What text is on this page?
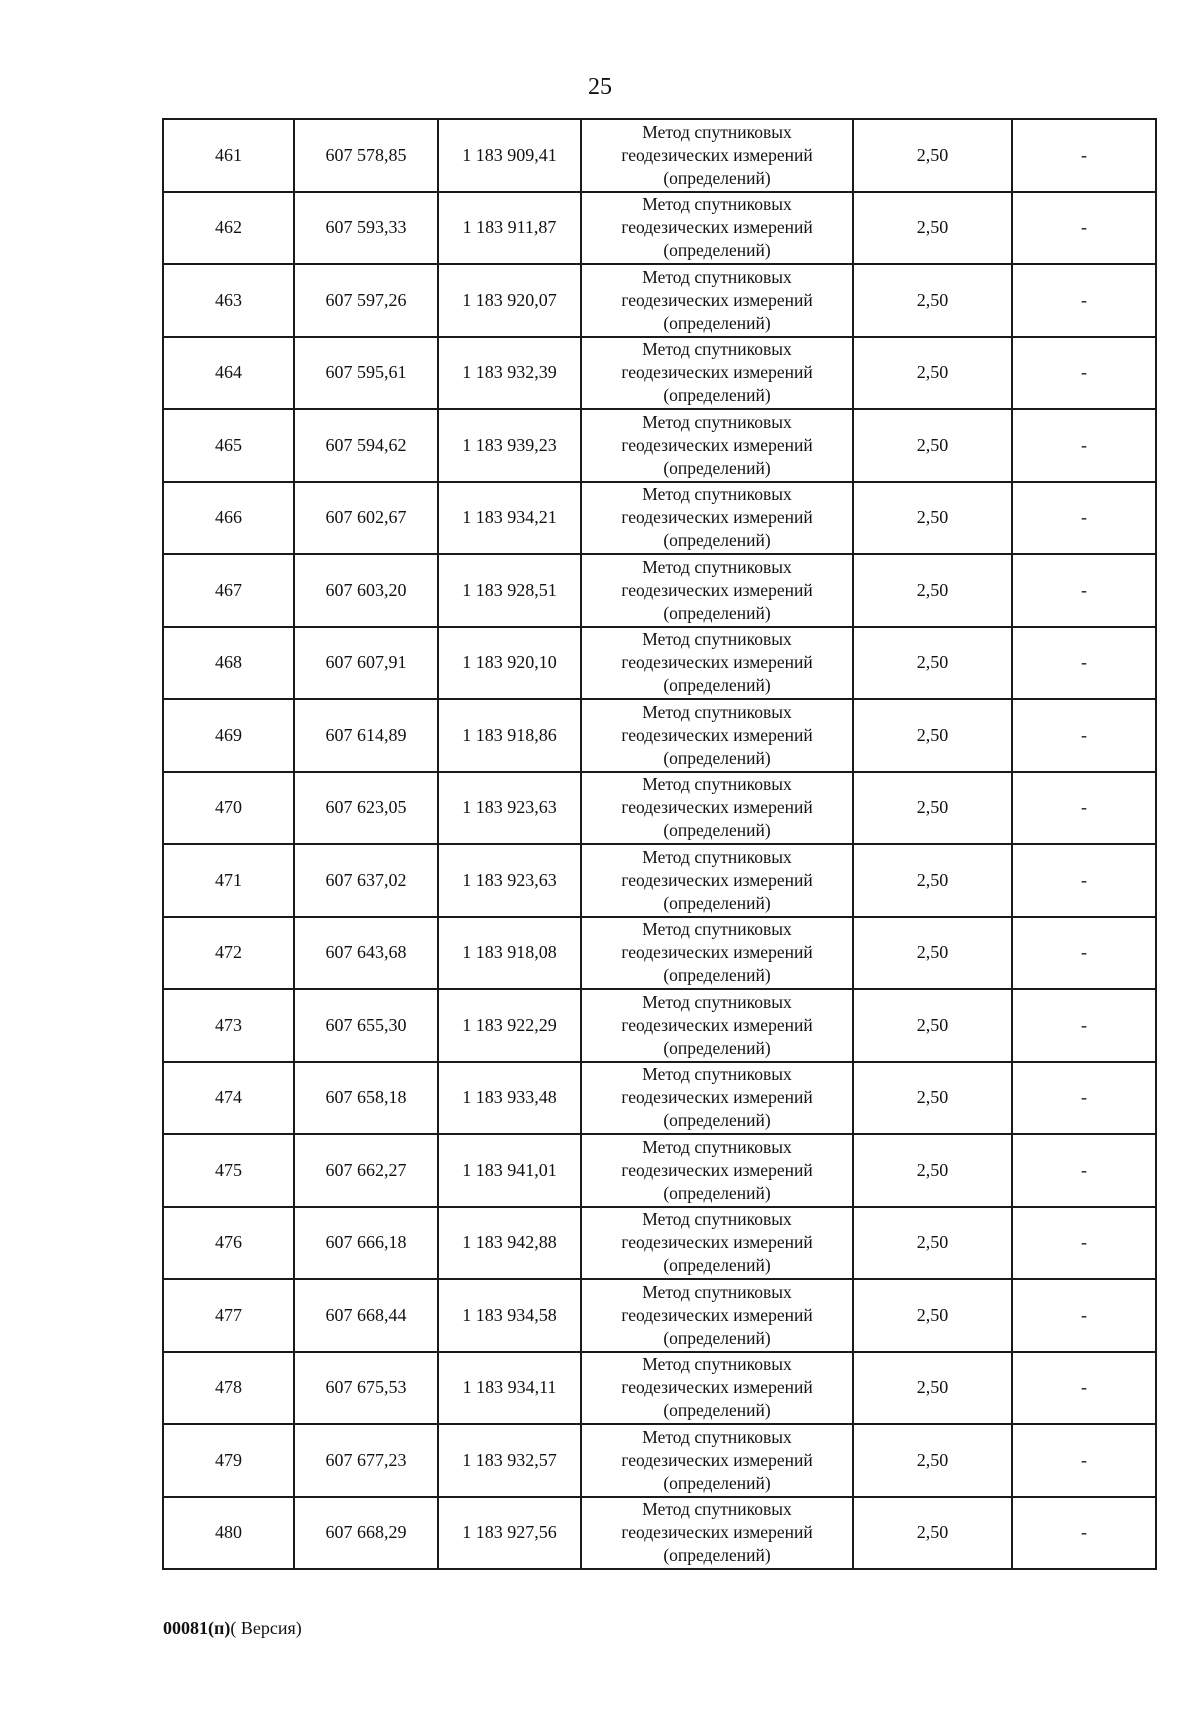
25
461	607 578,85	1 183 909,41	Метод спутниковых
геодезических измерений
(определений)	2,50	-
462	607 593,33	1 183 911,87	Метод спутниковых
геодезических измерений
(определений)	2,50	-
463	607 597,26	1 183 920,07	Метод спутниковых
геодезических измерений
(определений)	2,50	-
464	607 595,61	1 183 932,39	Метод спутниковых
геодезических измерений
(определений)	2,50	-
465	607 594,62	1 183 939,23	Метод спутниковых
геодезических измерений
(определений)	2,50	-
466	607 602,67	1 183 934,21	Метод спутниковых
геодезических измерений
(определений)	2,50	-
467	607 603,20	1 183 928,51	Метод спутниковых
геодезических измерений
(определений)	2,50	-
468	607 607,91	1 183 920,10	Метод спутниковых
геодезических измерений
(определений)	2,50	-
469	607 614,89	1 183 918,86	Метод спутниковых
геодезических измерений
(определений)	2,50	-
470	607 623,05	1 183 923,63	Метод спутниковых
геодезических измерений
(определений)	2,50	-
471	607 637,02	1 183 923,63	Метод спутниковых
геодезических измерений
(определений)	2,50	-
472	607 643,68	1 183 918,08	Метод спутниковых
геодезических измерений
(определений)	2,50	-
473	607 655,30	1 183 922,29	Метод спутниковых
геодезических измерений
(определений)	2,50	-
474	607 658,18	1 183 933,48	Метод спутниковых
геодезических измерений
(определений)	2,50	-
475	607 662,27	1 183 941,01	Метод спутниковых
геодезических измерений
(определений)	2,50	-
476	607 666,18	1 183 942,88	Метод спутниковых
геодезических измерений
(определений)	2,50	-
477	607 668,44	1 183 934,58	Метод спутниковых
геодезических измерений
(определений)	2,50	-
478	607 675,53	1 183 934,11	Метод спутниковых
геодезических измерений
(определений)	2,50	-
479	607 677,23	1 183 932,57	Метод спутниковых
геодезических измерений
(определений)	2,50	-
480	607 668,29	1 183 927,56	Метод спутниковых
геодезических измерений
(определений)	2,50	-
00081(п)( Версия)
